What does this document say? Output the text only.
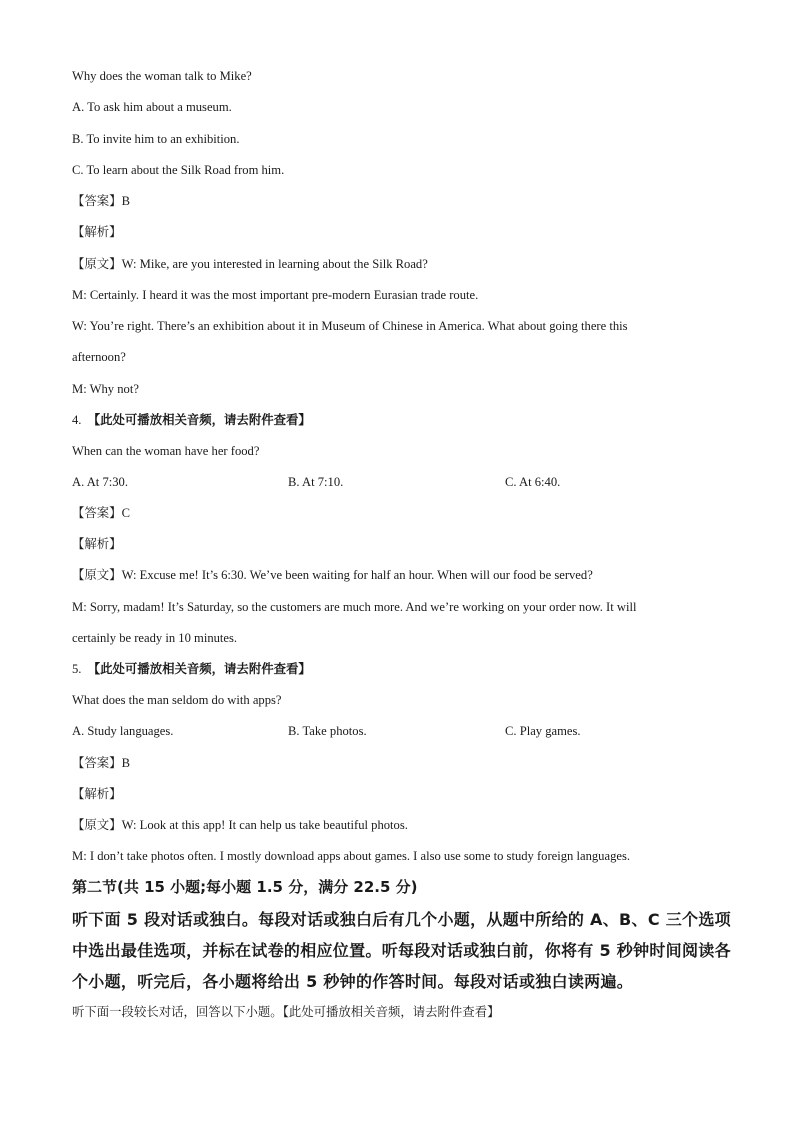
Why does the woman talk to Mike?
A. To ask him about a museum.
B. To invite him to an exhibition.
C. To learn about the Silk Road from him.
【答案】B
【解析】
【原文】W: Mike, are you interested in learning about the Silk Road?
M: Certainly. I heard it was the most important pre-modern Eurasian trade route.
W: You’re right. There’s an exhibition about it in Museum of Chinese in America. What about going there this
afternoon?
M: Why not?
4. 【此处可播放相关音频，请去附件查看】
When can the woman have her food?
A. At 7:30.	B. At 7:10.	C. At 6:40.
【答案】C
【解析】
【原文】W: Excuse me! It’s 6:30. We’ve been waiting for half an hour. When will our food be served?
M: Sorry, madam! It’s Saturday, so the customers are much more. And we’re working on your order now. It will
certainly be ready in 10 minutes.
5. 【此处可播放相关音频，请去附件查看】
What does the man seldom do with apps?
A. Study languages.	B. Take photos.	C. Play games.
【答案】B
【解析】
【原文】W: Look at this app! It can help us take beautiful photos.
M: I don’t take photos often. I mostly download apps about games. I also use some to study foreign languages.
第二节(共 15 小题;每小题 1.5 分，满分 22.5 分)
听下面 5 段对话或独白。每段对话或独白后有几个小题，从题中所给的 A、B、C 三个选项
中选出最佳选项，并标在试卷的相应位置。听每段对话或独白前，你将有 5 秒钟时间阅读各
个小题，听完后，各小题将给出 5 秒钟的作答时间。每段对话或独白读两遍。
听下面一段较长对话，回答以下小题。【此处可播放相关音频，请去附件查看】
